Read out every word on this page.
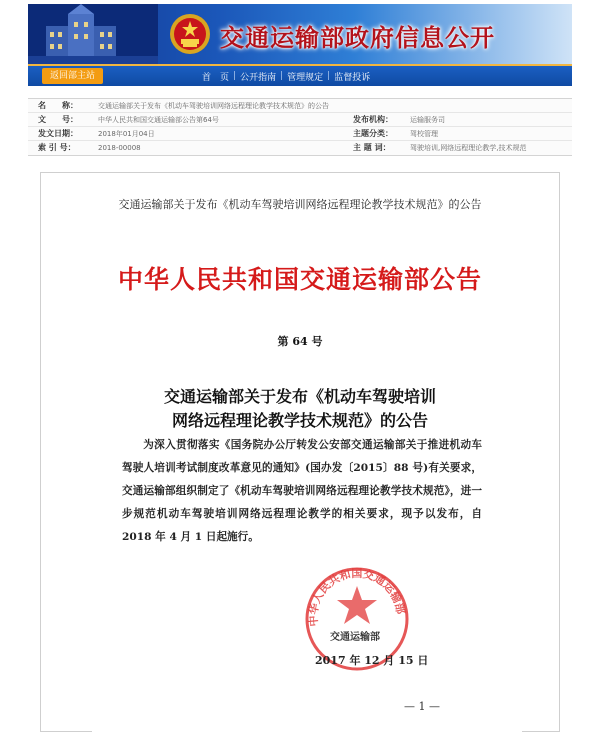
交通运输部政府信息公开
返回部主站	首　页 | 公开指南 | 管理规定 | 监督投诉
名　　称：	交通运输部关于发布《机动车驾驶培训网络远程理论教学技术规范》的公告
文　　号：	中华人民共和国交通运输部公告第64号	发布机构： 运输服务司
发文日期：	2018年01月04日	主题分类： 驾校管理
索 引 号：	2018-00008	主 题 词：	驾驶培训,网络远程理论教学,技术规范
交通运输部关于发布《机动车驾驶培训网络远程理论教学技术规范》的公告
中华人民共和国交通运输部公告
第 64 号
交通运输部关于发布《机动车驾驶培训
网络远程理论教学技术规范》的公告
为深入贯彻落实《国务院办公厅转发公安部交通运输部关于推进机动车驾驶人培训考试制度改革意见的通知》(国办发〔2015〕88 号)有关要求，交通运输部组织制定了《机动车驾驶培训网络远程理论教学技术规范》，进一步规范机动车驾驶培训网络远程理论教学的相关要求，现予以发布，自 2018 年 4 月 1 日起施行。
中华人民共和国交通运输部
交通运输部
2017 年 12 月 15 日
— 1 —
